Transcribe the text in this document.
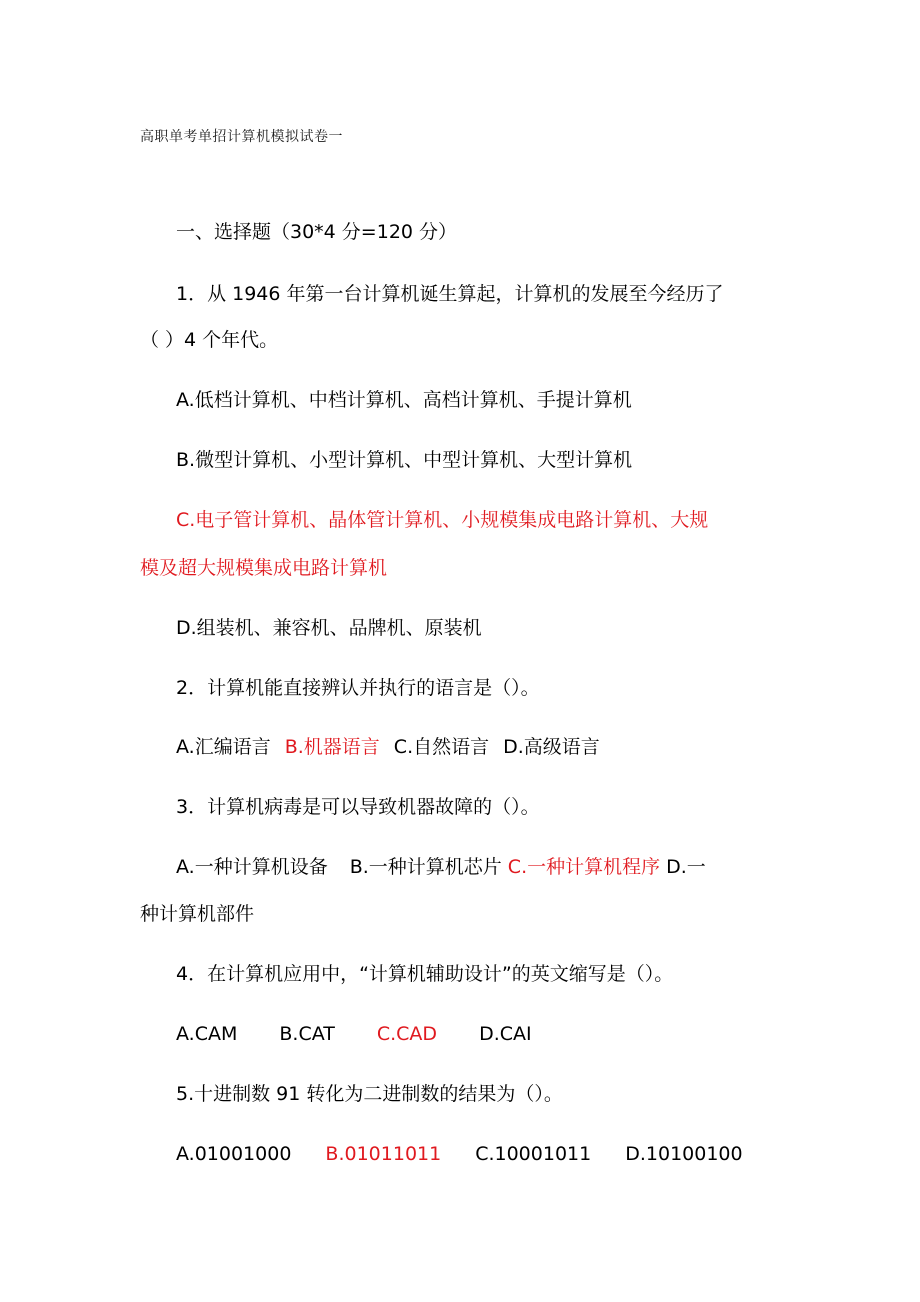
高职单考单招计算机模拟试卷一
一、选择题（30*4 分=120 分）
1．从 1946 年第一台计算机诞生算起，计算机的发展至今经历了
（ ）4 个年代。
A.低档计算机、中档计算机、高档计算机、手提计算机
B.微型计算机、小型计算机、中型计算机、大型计算机
C.电子管计算机、晶体管计算机、小规模集成电路计算机、大规
模及超大规模集成电路计算机
D.组装机、兼容机、品牌机、原装机
2．计算机能直接辨认并执行的语言是（）。
A.汇编语言 B.机器语言 C.自然语言 D.高级语言
3．计算机病毒是可以导致机器故障的（）。
A.一种计算机设备 B.一种计算机芯片 C.一种计算机程序 D.一
种计算机部件
4．在计算机应用中，“计算机辅助设计”的英文缩写是（）。
A.CAM B.CAT C.CAD D.CAI
5.十进制数 91 转化为二进制数的结果为（）。
A.01001000 B.01011011 C.10001011 D.10100100
